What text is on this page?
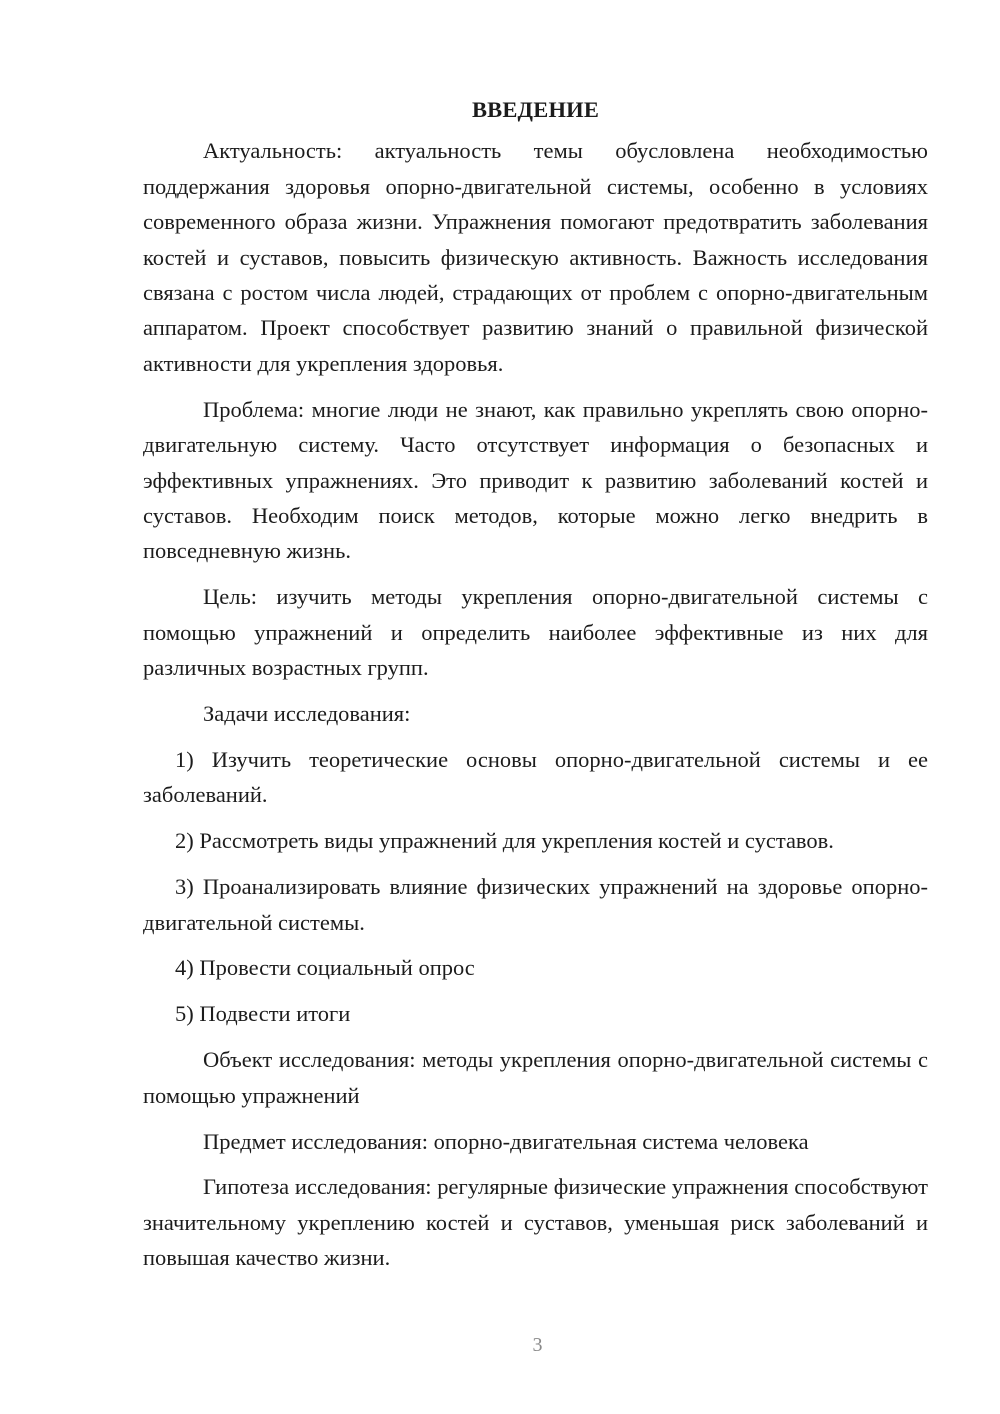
ВВЕДЕНИЕ

Актуальность: актуальность темы обусловлена необходимостью поддержания здоровья опорно-двигательной системы, особенно в условиях современного образа жизни. Упражнения помогают предотвратить заболевания костей и суставов, повысить физическую активность. Важность исследования связана с ростом числа людей, страдающих от проблем с опорно-двигательным аппаратом. Проект способствует развитию знаний о правильной физической активности для укрепления здоровья.

Проблема: многие люди не знают, как правильно укреплять свою опорно-двигательную систему. Часто отсутствует информация о безопасных и эффективных упражнениях. Это приводит к развитию заболеваний костей и суставов. Необходим поиск методов, которые можно легко внедрить в повседневную жизнь.

Цель: изучить методы укрепления опорно-двигательной системы с помощью упражнений и определить наиболее эффективные из них для различных возрастных групп.

Задачи исследования:

1) Изучить теоретические основы опорно-двигательной системы и ее заболеваний.

2) Рассмотреть виды упражнений для укрепления костей и суставов.

3) Проанализировать влияние физических упражнений на здоровье опорно-двигательной системы.

4) Провести социальный опрос

5) Подвести итоги

Объект исследования: методы укрепления опорно-двигательной системы с помощью упражнений

Предмет исследования: опорно-двигательная система человека

Гипотеза исследования: регулярные физические упражнения способствуют значительному укреплению костей и суставов, уменьшая риск заболеваний и повышая качество жизни.

3
